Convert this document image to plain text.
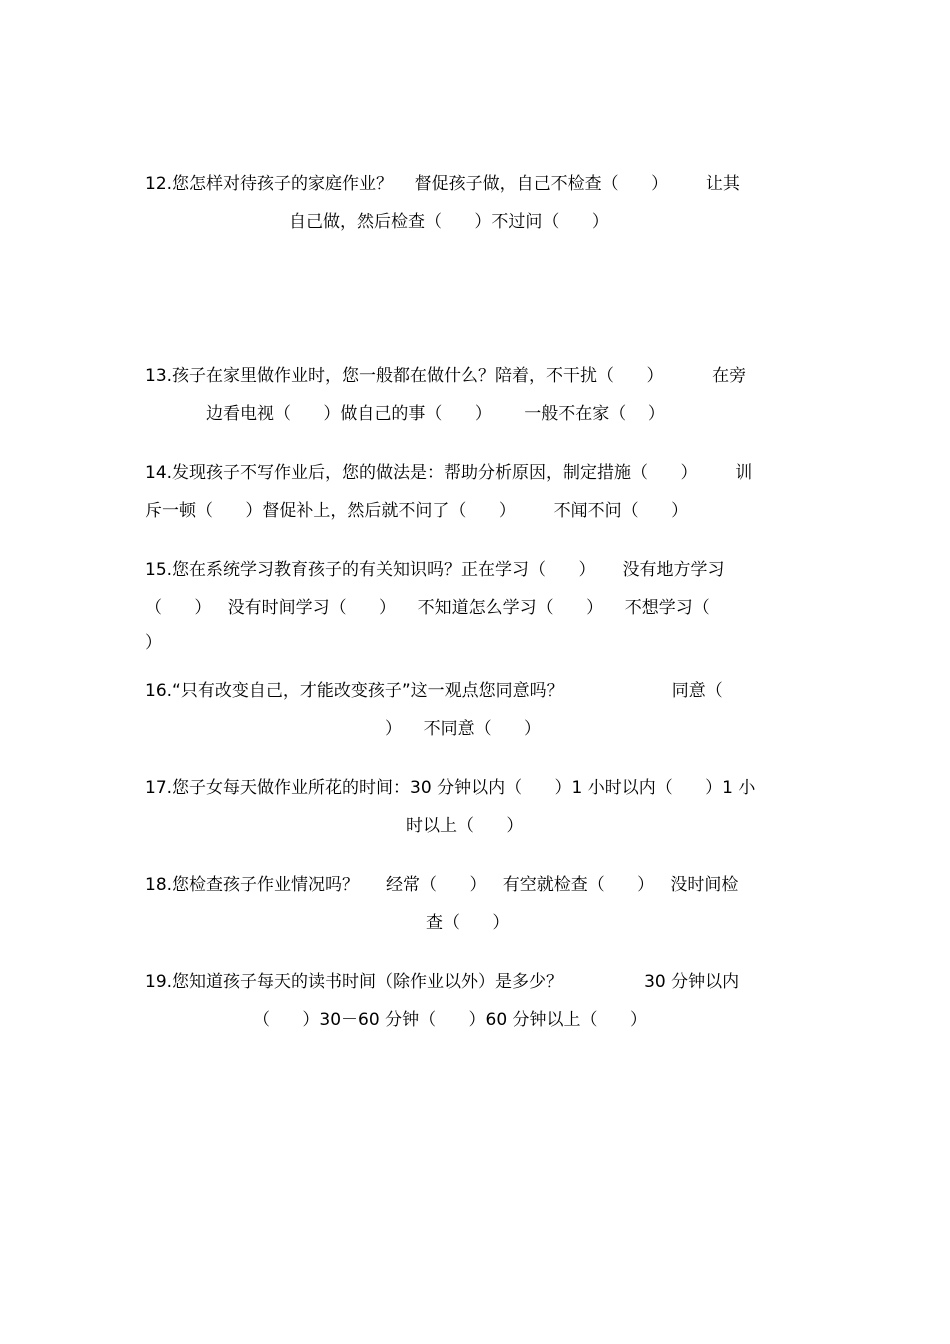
12.您怎样对待孩子的家庭作业？    督促孩子做，自己不检查（      ）       让其
自己做，然后检查（      ）不过问（      ）
13.孩子在家里做作业时，您一般都在做什么？陪着，不干扰（      ）         在旁
边看电视（      ）做自己的事（      ）      一般不在家（    ）
14.发现孩子不写作业后，您的做法是：帮助分析原因，制定措施（      ）       训
斥一顿（      ）督促补上，然后就不问了（      ）       不闻不问（      ）
15.您在系统学习教育孩子的有关知识吗？正在学习（      ）     没有地方学习
（      ）   没有时间学习（      ）    不知道怎么学习（      ）    不想学习（
）
16.“只有改变自己，才能改变孩子”这一观点您同意吗？                    同意（
）    不同意（      ）
17.您子女每天做作业所花的时间：30 分钟以内（      ）1 小时以内（      ）1 小
时以上（      ）
18.您检查孩子作业情况吗？     经常（      ）   有空就检查（      ）   没时间检
查（      ）
19.您知道孩子每天的读书时间（除作业以外）是多少？               30 分钟以内
（      ）30－60 分钟（      ）60 分钟以上（      ）
